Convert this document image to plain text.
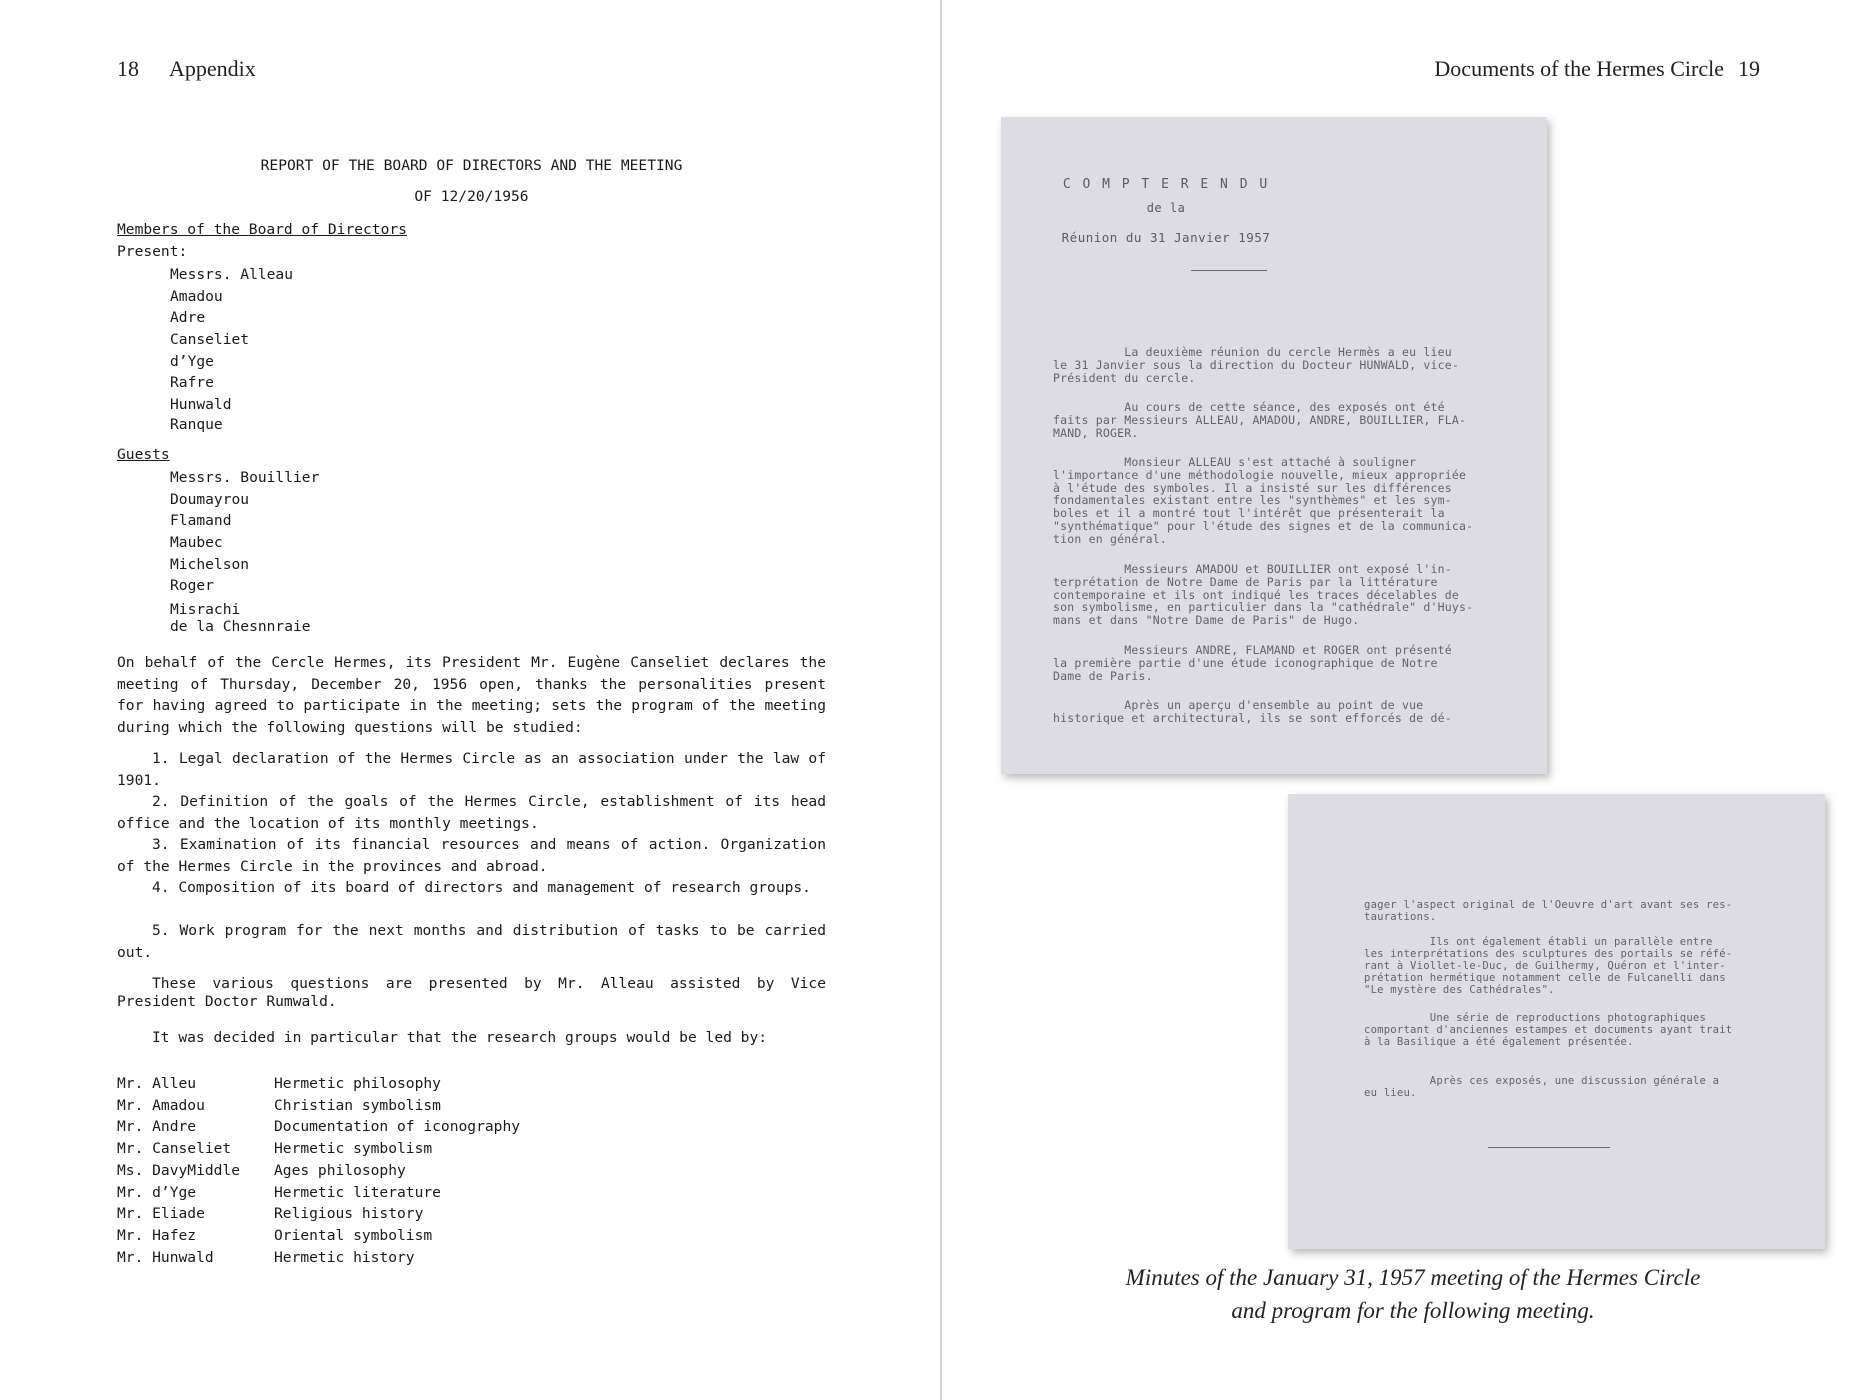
18 Appendix
REPORT OF THE BOARD OF DIRECTORS AND THE MEETING
OF 12/20/1956
Members of the Board of Directors
Present:
Messrs. Alleau
Amadou
Adre
Canseliet
d’Yge
Rafre
Hunwald
Ranque
Guests
Messrs. Bouillier
Doumayrou
Flamand
Maubec
Michelson
Roger
Misrachi
de la Chesnnraie

On behalf of the Cercle Hermes, its President Mr. Eugène Canseliet declares the meeting of Thursday, December 20, 1956 open, thanks the personalities present for having agreed to participate in the meeting; sets the program of the meeting during which the following questions will be studied:

1. Legal declaration of the Hermes Circle as an association under the law of 1901.

2. Definition of the goals of the Hermes Circle, establishment of its head office and the location of its monthly meetings.

3. Examination of its financial resources and means of action. Organization of the Hermes Circle in the provinces and abroad.

4. Composition of its board of directors and management of research groups.

5. Work program for the next months and distribution of tasks to be carried out.

These various questions are presented by Mr. Alleau assisted by Vice President Doctor Rumwald.

It was decided in particular that the research groups would be led by:

Mr. Alleu	Hermetic philosophy
Mr. Amadou	Christian symbolism
Mr. Andre	Documentation of iconography
Mr. Canseliet	Hermetic symbolism
Ms. DavyMiddle	Ages philosophy
Mr. d’Yge	Hermetic literature
Mr. Eliade	Religious history
Mr. Hafez	Oriental symbolism
Mr. Hunwald	Hermetic history
Documents of the Hermes Circle 19
C O M P T E R E N D U
de la
Réunion du 31 Janvier 1957
La deuxième réunion du cercle Hermès a eu lieu
le 31 Janvier sous la direction du Docteur HUNWALD, vice-
Président du cercle.
Au cours de cette séance, des exposés ont été
faits par Messieurs ALLEAU, AMADOU, ANDRE, BOUILLIER, FLA-
MAND, ROGER.
Monsieur ALLEAU s'est attaché à souligner
l'importance d'une méthodologie nouvelle, mieux appropriée
à l'étude des symboles. Il a insisté sur les différences
fondamentales existant entre les "synthèmes" et les sym-
boles et il a montré tout l'intérêt que présenterait la
"synthématique" pour l'étude des signes et de la communica-
tion en général.
Messieurs AMADOU et BOUILLIER ont exposé l'in-
terprétation de Notre Dame de Paris par la littérature
contemporaine et ils ont indiqué les traces décelables de
son symbolisme, en particulier dans la "cathédrale" d'Huys-
mans et dans "Notre Dame de Paris" de Hugo.
Messieurs ANDRE, FLAMAND et ROGER ont présenté
la première partie d'une étude iconographique de Notre
Dame de Paris.
Après un aperçu d'ensemble au point de vue
historique et architectural, ils se sont efforcés de dé-
gager l'aspect original de l'Oeuvre d'art avant ses res-
taurations.
Ils ont également établi un parallèle entre
les interprétations des sculptures des portails se réfé-
rant à Viollet-le-Duc, de Guilhermy, Quéron et l'inter-
prétation hermétique notamment celle de Fulcanelli dans
"Le mystère des Cathédrales".
Une série de reproductions photographiques
comportant d'anciennes estampes et documents ayant trait
à la Basilique a été également présentée.
Après ces exposés, une discussion générale a
eu lieu.
Minutes of the January 31, 1957 meeting of the Hermes Circle
and program for the following meeting.
